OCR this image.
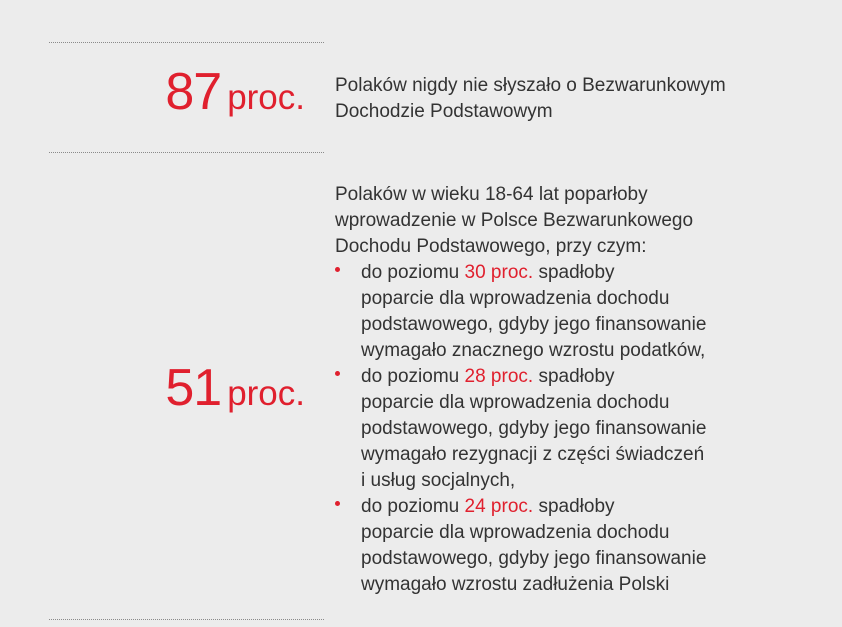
87 proc. Polaków nigdy nie słyszało o Bezwarunkowym
Dochodzie Podstawowym
51 proc.
Polaków w wieku 18-64 lat poparłoby
wprowadzenie w Polsce Bezwarunkowego
Dochodu Podstawowego, przy czym:
do poziomu 30 proc. spadłoby
poparcie dla wprowadzenia dochodu
podstawowego, gdyby jego finansowanie
wymagało znacznego wzrostu podatków,
do poziomu 28 proc. spadłoby
poparcie dla wprowadzenia dochodu
podstawowego, gdyby jego finansowanie
wymagało rezygnacji z części świadczeń
i usług socjalnych,
do poziomu 24 proc. spadłoby
poparcie dla wprowadzenia dochodu
podstawowego, gdyby jego finansowanie
wymagało wzrostu zadłużenia Polski
